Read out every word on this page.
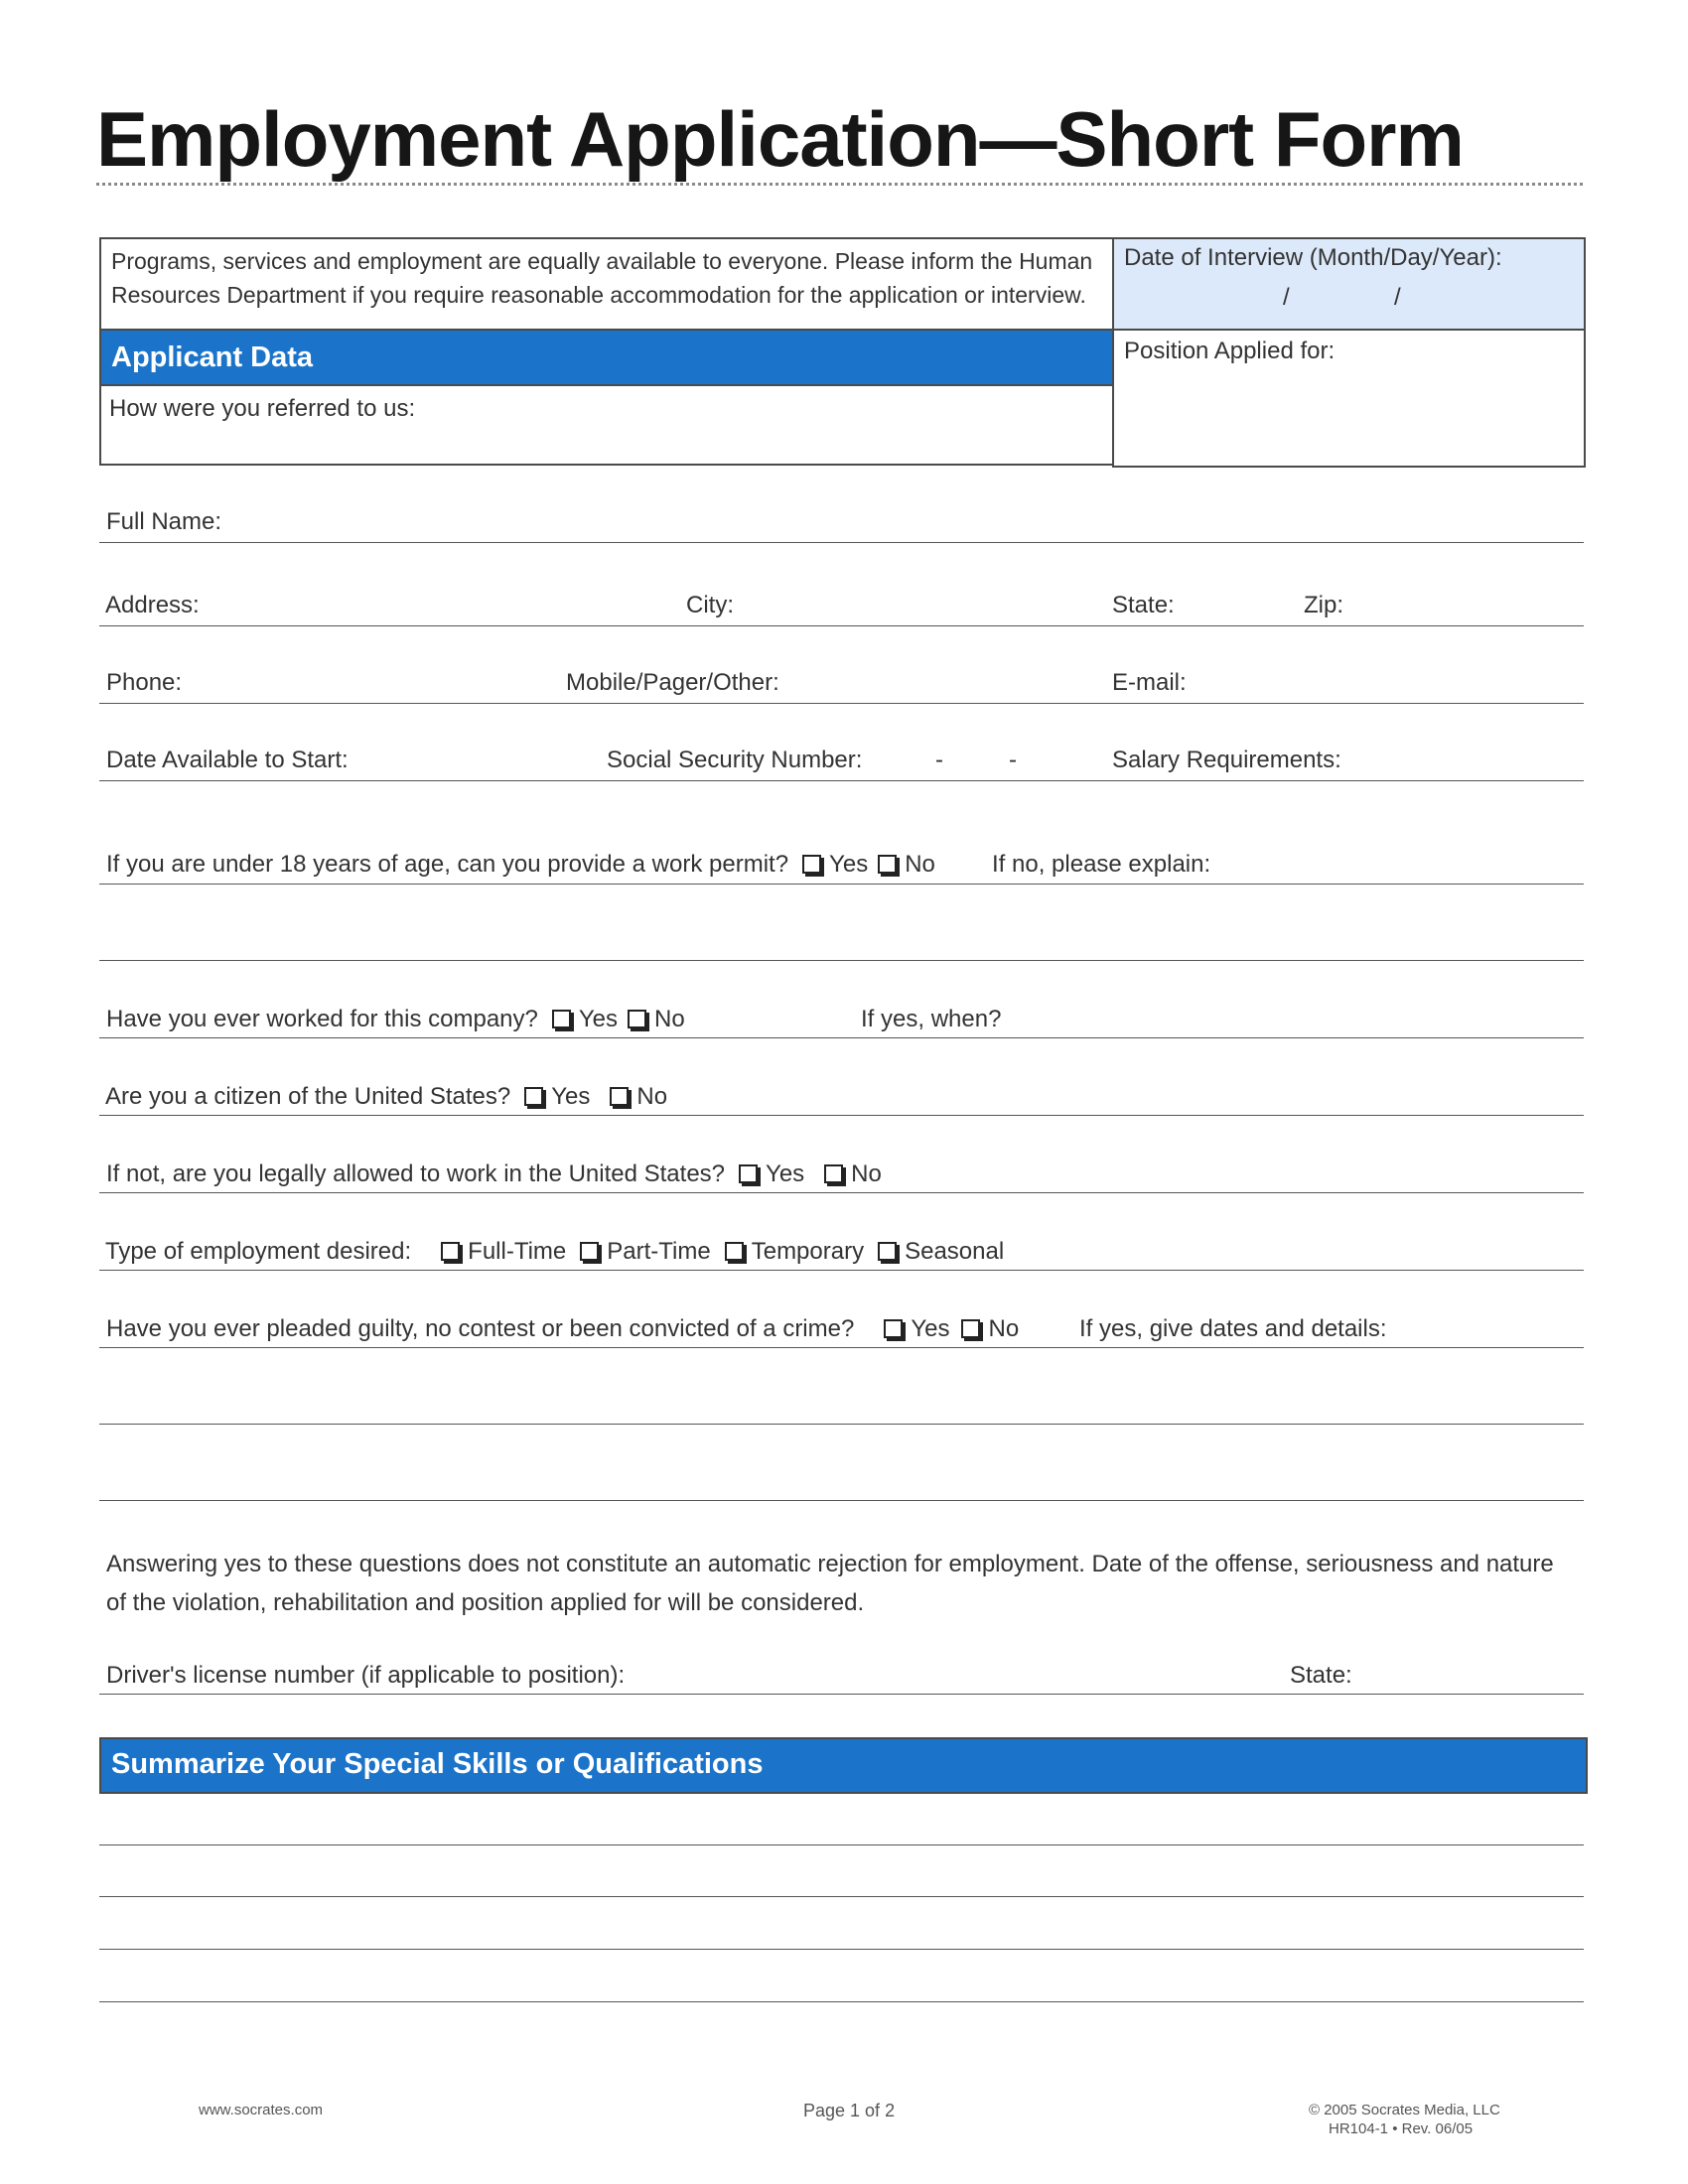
Employment Application—Short Form
Programs, services and employment are equally available to everyone. Please inform the Human Resources Department if you require reasonable accommodation for the application or interview.
Date of Interview (Month/Day/Year):
/	/
Applicant Data
How were you referred to us:
Position Applied for:
Full Name:
Address:	City:	State:	Zip:
Phone:	Mobile/Pager/Other:	E-mail:
Date Available to Start:	Social Security Number:	-	-	Salary Requirements:
If you are under 18 years of age, can you provide a work permit? Yes No If no, please explain:
Have you ever worked for this company? Yes No	If yes, when?
Are you a citizen of the United States? Yes No
If not, are you legally allowed to work in the United States? Yes No
Type of employment desired: Full-Time Part-Time Temporary Seasonal
Have you ever pleaded guilty, no contest or been convicted of a crime? Yes No	If yes, give dates and details:
Answering yes to these questions does not constitute an automatic rejection for employment. Date of the offense, seriousness and nature of the violation, rehabilitation and position applied for will be considered.
Driver's license number (if applicable to position):	State:
Summarize Your Special Skills or Qualifications
www.socrates.com	Page 1 of 2	© 2005 Socrates Media, LLC
HR104-1 • Rev. 06/05
